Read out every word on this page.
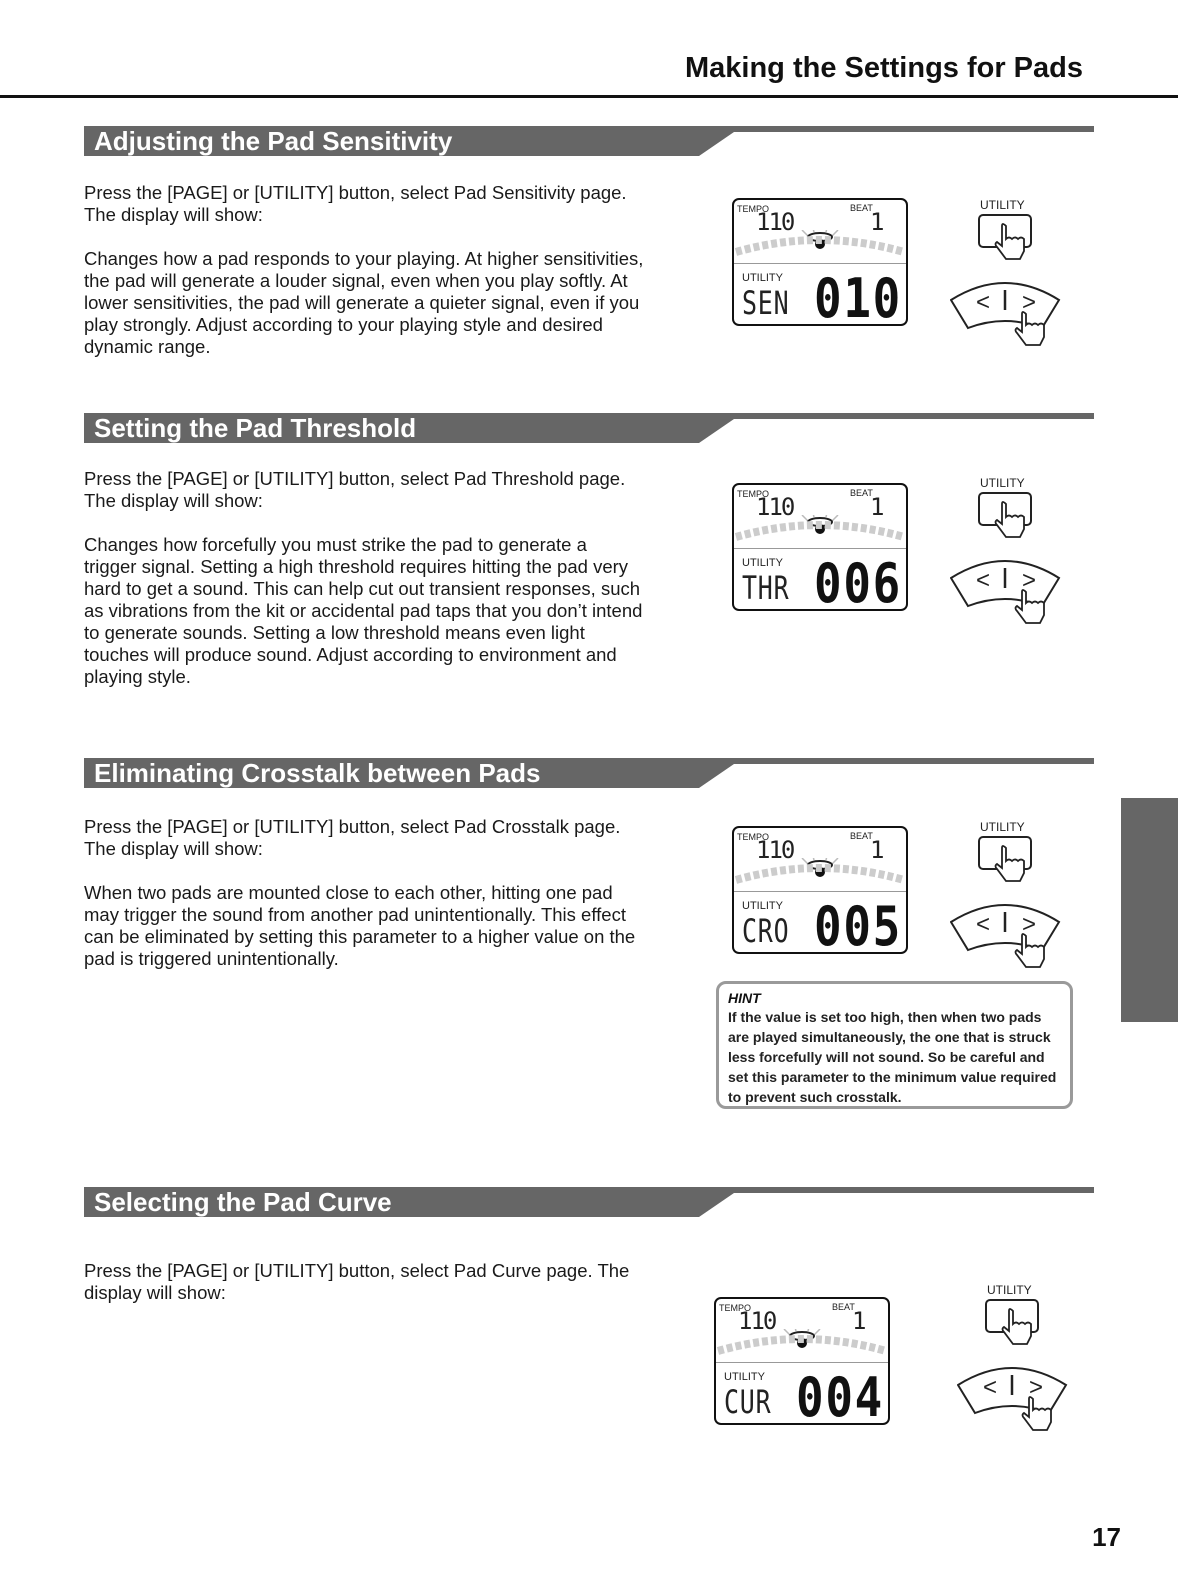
Making the Settings for Pads
Adjusting the Pad Sensitivity

Press the [PAGE] or [UTILITY] button, select Pad Sensitivity page. The display will show:

Changes how a pad responds to your playing. At higher sensitivities, the pad will generate a louder signal, even when you play softly. At lower sensitivities, the pad will generate a quieter signal, even if you play strongly. Adjust according to your playing style and desired dynamic range.

Setting the Pad Threshold

Press the [PAGE] or [UTILITY] button, select Pad Threshold page. The display will show:

Changes how forcefully you must strike the pad to generate a trigger signal. Setting a high threshold requires hitting the pad very hard to get a sound. This can help cut out transient responses, such as vibrations from the kit or accidental pad taps that you don’t intend to generate sounds. Setting a low threshold means even light touches will produce sound. Adjust according to environment and playing style.

Eliminating Crosstalk between Pads

Press the [PAGE] or [UTILITY] button, select Pad Crosstalk page. The display will show:

When two pads are mounted close to each other, hitting one pad may trigger the sound from another pad unintentionally. This effect can be eliminated by setting this parameter to a higher value on the pad is triggered unintentionally.

Selecting the Pad Curve

Press the [PAGE] or [UTILITY] button, select Pad Curve page. The display will show:

TEMPO	BEAT
110	1
UTILITY
SEN 010
TEMPO	BEAT
110	1
UTILITY
THR 006
TEMPO	BEAT
110	1
UTILITY
CRO 005
TEMPO	BEAT
110	1
UTILITY
CUR 004
UTILITY
< >
UTILITY
< >
UTILITY
< >
UTILITY
< >

HINT

If the value is set too high, then when two pads are played simultaneously, the one that is struck less forcefully will not sound. So be careful and set this parameter to the minimum value required to prevent such crosstalk.

17
